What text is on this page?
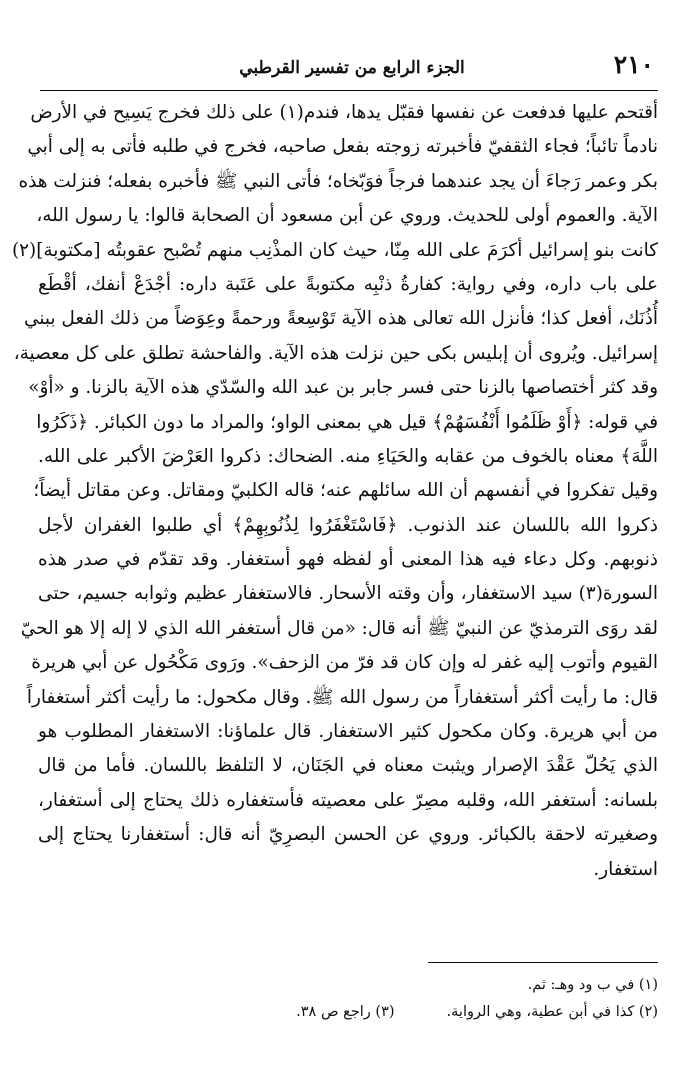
٢١٠
الجزء الرابع من تفسير القرطبي
أقتحم عليها فدفعت عن نفسها فقبّل يدها، فندم(١) على ذلك فخرج يَسِيح في الأرض
نادماً تائباً؛ فجاء الثقفيّ فأخبرته زوجته بفعل صاحبه، فخرج في طلبه فأتى به إلى أبي
بكر وعمر رَجاءَ أن يجد عندهما فرجاً فوَبّخاه؛ فأتى النبي ﷺ فأخبره بفعله؛ فنزلت هذه
الآية. والعموم أولى للحديث. وروي عن أبن مسعود أن الصحابة قالوا: يا رسول الله،
كانت بنو إسرائيل أكرَمَ على الله مِنّا، حيث كان المذْنِب منهم تُصْبح عقوبتُه [مكتوبة](٢)
على باب داره، وفي رواية: كفارةُ ذنْبِه مكتوبةً على عَتَبة داره: أجْدَعْ أنفك، أقْطَع
أُذُنَك، أفعل كذا؛ فأنزل الله تعالى هذه الآية تَوْسِعةً ورحمةً وعِوَضاً من ذلك الفعل ببني
إسرائيل. ويُروى أن إبليس بكى حين نزلت هذه الآية. والفاحشة تطلق على كل معصية،
وقد كثر أختصاصها بالزنا حتى فسر جابر بن عبد الله والسّدّي هذه الآية بالزنا. و «أوْ»
في قوله: ﴿أَوْ ظَلَمُوا أَنْفُسَهُمْ﴾ قيل هي بمعنى الواو؛ والمراد ما دون الكبائر. ﴿ذَكَرُوا
اللَّهَ﴾ معناه بالخوف من عقابه والحَيَاءِ منه. الضحاك: ذكروا العَرْضَ الأكبر على الله.
وقيل تفكروا في أنفسهم أن الله سائلهم عنه؛ قاله الكلبيّ ومقاتل. وعن مقاتل أيضاً؛
ذكروا الله باللسان عند الذنوب. ﴿فَاسْتَغْفَرُوا لِذُنُوبِهِمْ﴾ أي طلبوا الغفران لأجل
ذنوبهم. وكل دعاء فيه هذا المعنى أو لفظه فهو أستغفار. وقد تقدّم في صدر هذه
السورة(٣) سيد الاستغفار، وأن وقته الأسحار. فالاستغفار عظيم وثوابه جسيم، حتى
لقد روَى الترمذيّ عن النبيّ ﷺ أنه قال: «من قال أستغفر الله الذي لا إله إلا هو الحيّ
القيوم وأتوب إليه غفر له وإن كان قد فرّ من الزحف». ورَوى مَكْحُول عن أبي هريرة
قال: ما رأيت أكثر أستغفاراً من رسول الله ﷺ. وقال مكحول: ما رأيت أكثر أستغفاراً
من أبي هريرة. وكان مكحول كثير الاستغفار. قال علماؤنا: الاستغفار المطلوب هو
الذي يَحُلّ عَقْدَ الإصرار ويثبت معناه في الجَنَان، لا التلفظ باللسان. فأما من قال
بلسانه: أستغفر الله، وقلبه مصِرّ على معصيته فأستغفاره ذلك يحتاج إلى أستغفار،
وصغيرته لاحقة بالكبائر. وروي عن الحسن البصرِيّ أنه قال: أستغفارنا يحتاج إلى
استغفار.
(١) في ب ود وهـ: ثم.
(٢) كذا في أبن عطية، وهي الرواية.(٣) راجع ص ٣٨.
